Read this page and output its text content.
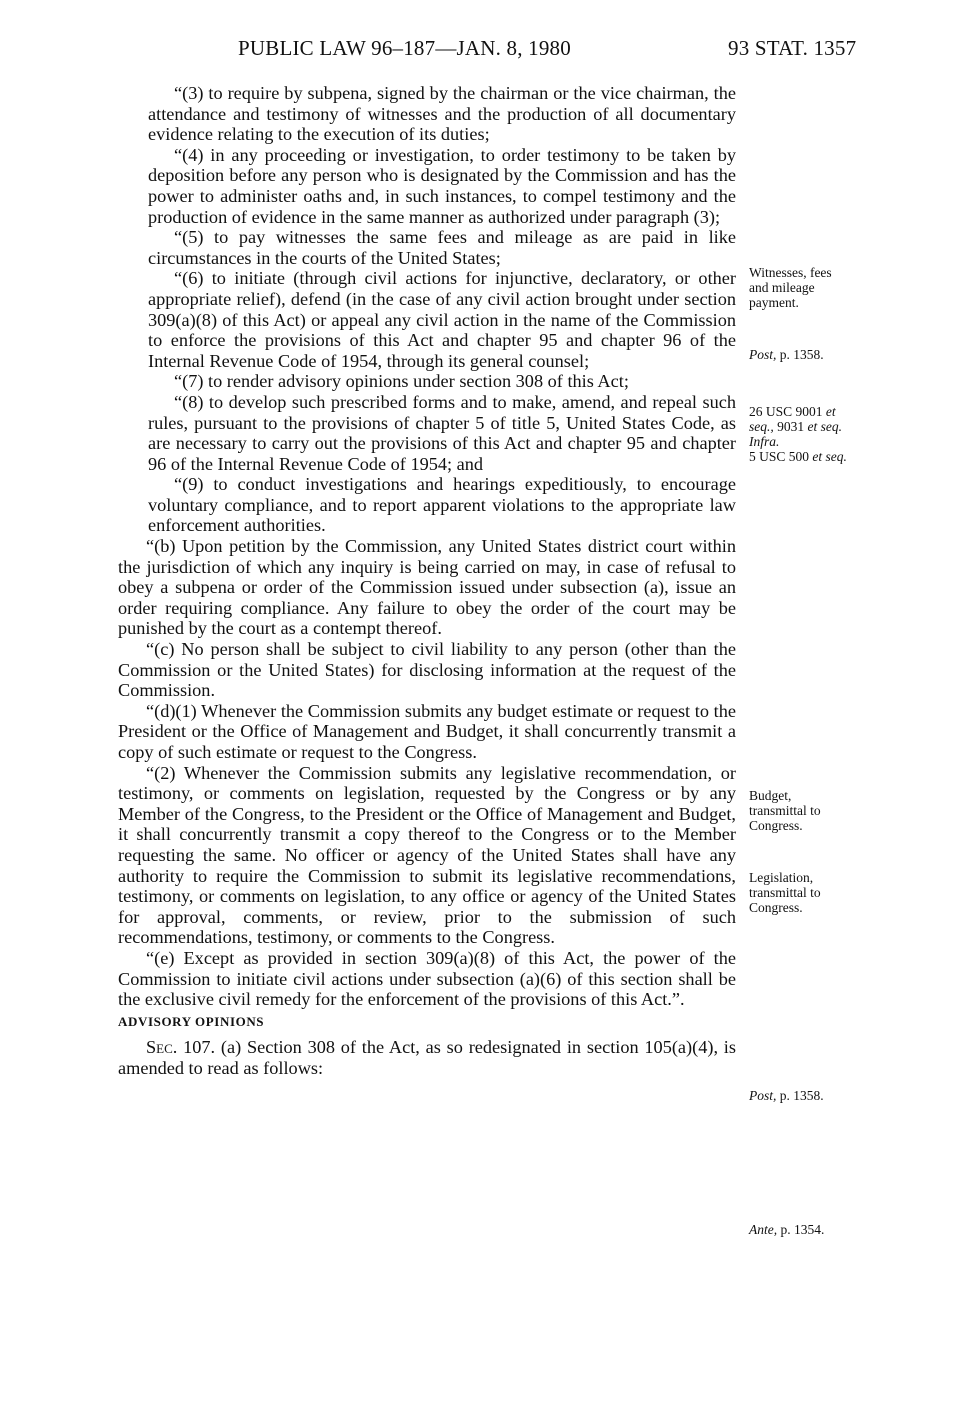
PUBLIC LAW 96–187—JAN. 8, 1980	93 STAT. 1357

“(3) to require by subpena, signed by the chairman or the vice chairman, the attendance and testimony of witnesses and the production of all documentary evidence relating to the execution of its duties;

“(4) in any proceeding or investigation, to order testimony to be taken by deposition before any person who is designated by the Commission and has the power to administer oaths and, in such instances, to compel testimony and the production of evidence in the same manner as authorized under paragraph (3);

“(5) to pay witnesses the same fees and mileage as are paid in like circumstances in the courts of the United States;

“(6) to initiate (through civil actions for injunctive, declaratory, or other appropriate relief), defend (in the case of any civil action brought under section 309(a)(8) of this Act) or appeal any civil action in the name of the Commission to enforce the provisions of this Act and chapter 95 and chapter 96 of the Internal Revenue Code of 1954, through its general counsel;

“(7) to render advisory opinions under section 308 of this Act;

“(8) to develop such prescribed forms and to make, amend, and repeal such rules, pursuant to the provisions of chapter 5 of title 5, United States Code, as are necessary to carry out the provisions of this Act and chapter 95 and chapter 96 of the Internal Revenue Code of 1954; and

“(9) to conduct investigations and hearings expeditiously, to encourage voluntary compliance, and to report apparent violations to the appropriate law enforcement authorities.

“(b) Upon petition by the Commission, any United States district court within the jurisdiction of which any inquiry is being carried on may, in case of refusal to obey a subpena or order of the Commission issued under subsection (a), issue an order requiring compliance. Any failure to obey the order of the court may be punished by the court as a contempt thereof.

“(c) No person shall be subject to civil liability to any person (other than the Commission or the United States) for disclosing information at the request of the Commission.

“(d)(1) Whenever the Commission submits any budget estimate or request to the President or the Office of Management and Budget, it shall concurrently transmit a copy of such estimate or request to the Congress.

“(2) Whenever the Commission submits any legislative recommendation, or testimony, or comments on legislation, requested by the Congress or by any Member of the Congress, to the President or the Office of Management and Budget, it shall concurrently transmit a copy thereof to the Congress or to the Member requesting the same. No officer or agency of the United States shall have any authority to require the Commission to submit its legislative recommendations, testimony, or comments on legislation, to any office or agency of the United States for approval, comments, or review, prior to the submission of such recommendations, testimony, or comments to the Congress.

“(e) Except as provided in section 309(a)(8) of this Act, the power of the Commission to initiate civil actions under subsection (a)(6) of this section shall be the exclusive civil remedy for the enforcement of the provisions of this Act.”.

ADVISORY OPINIONS

Sec. 107. (a) Section 308 of the Act, as so redesignated in section 105(a)(4), is amended to read as follows:

Witnesses, fees
and mileage
payment.
Post, p. 1358.
26 USC 9001 et
seq., 9031 et seq.
Infra.
5 USC 500 et seq.
Budget,
transmittal to
Congress.
Legislation,
transmittal to
Congress.
Post, p. 1358.
Ante, p. 1354.
